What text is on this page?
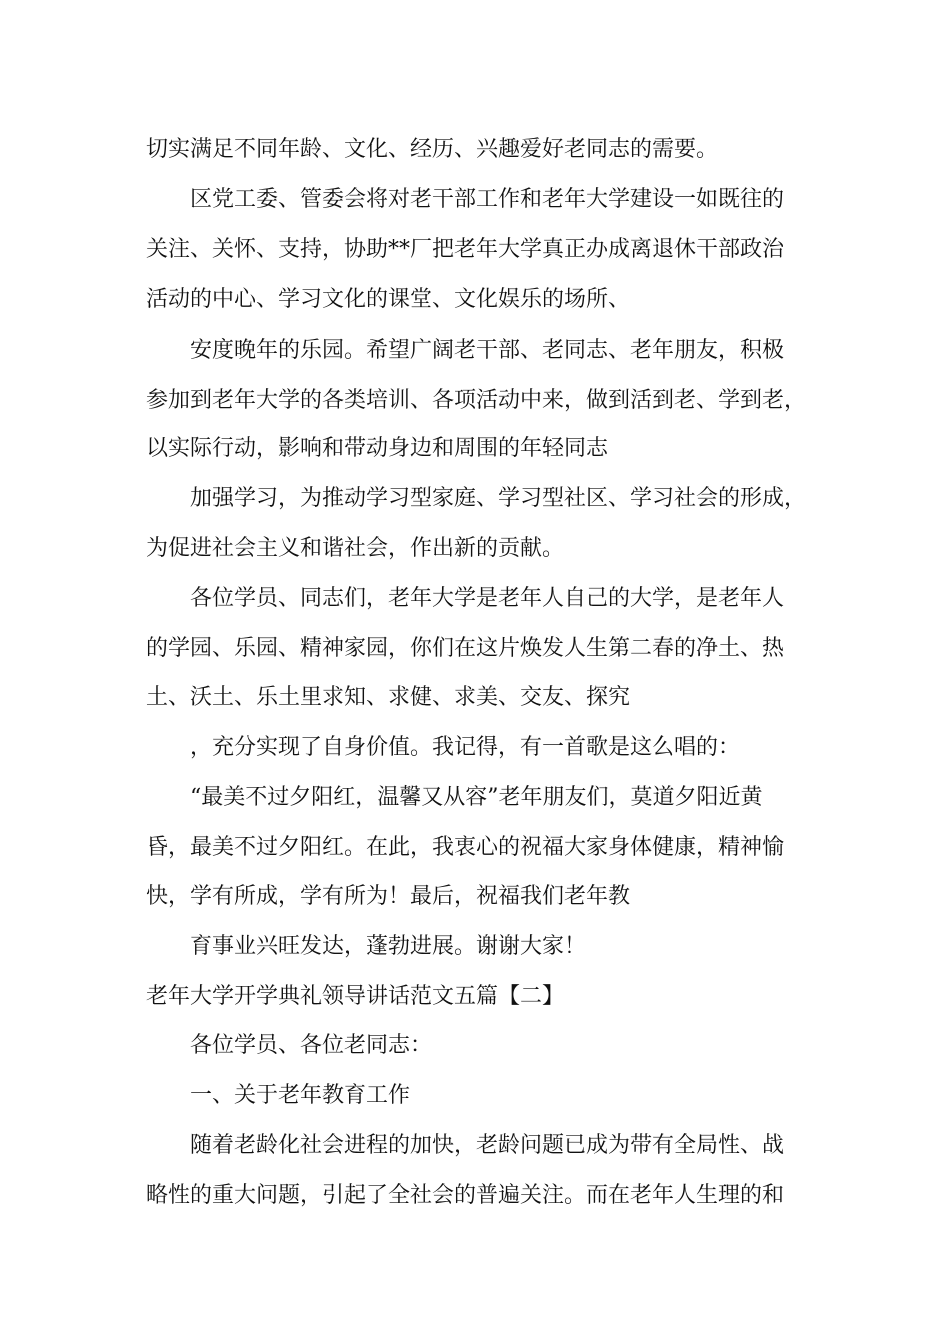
切实满足不同年龄、文化、经历、兴趣爱好老同志的需要。
区党工委、管委会将对老干部工作和老年大学建设一如既往的
关注、关怀、支持，协助**厂把老年大学真正办成离退休干部政治
活动的中心、学习文化的课堂、文化娱乐的场所、
安度晚年的乐园。希望广阔老干部、老同志、老年朋友，积极
参加到老年大学的各类培训、各项活动中来，做到活到老、学到老，
以实际行动，影响和带动身边和周围的年轻同志
加强学习，为推动学习型家庭、学习型社区、学习社会的形成，
为促进社会主义和谐社会，作出新的贡献。
各位学员、同志们，老年大学是老年人自己的大学，是老年人
的学园、乐园、精神家园，你们在这片焕发人生第二春的净土、热
土、沃土、乐土里求知、求健、求美、交友、探究
，充分实现了自身价值。我记得，有一首歌是这么唱的：
“最美不过夕阳红，温馨又从容”老年朋友们，莫道夕阳近黄
昏，最美不过夕阳红。在此，我衷心的祝福大家身体健康，精神愉
快，学有所成，学有所为！最后，祝福我们老年教
育事业兴旺发达，蓬勃进展。谢谢大家！
老年大学开学典礼领导讲话范文五篇【二】
各位学员、各位老同志：
一、关于老年教育工作
随着老龄化社会进程的加快，老龄问题已成为带有全局性、战
略性的重大问题，引起了全社会的普遍关注。而在老年人生理的和
